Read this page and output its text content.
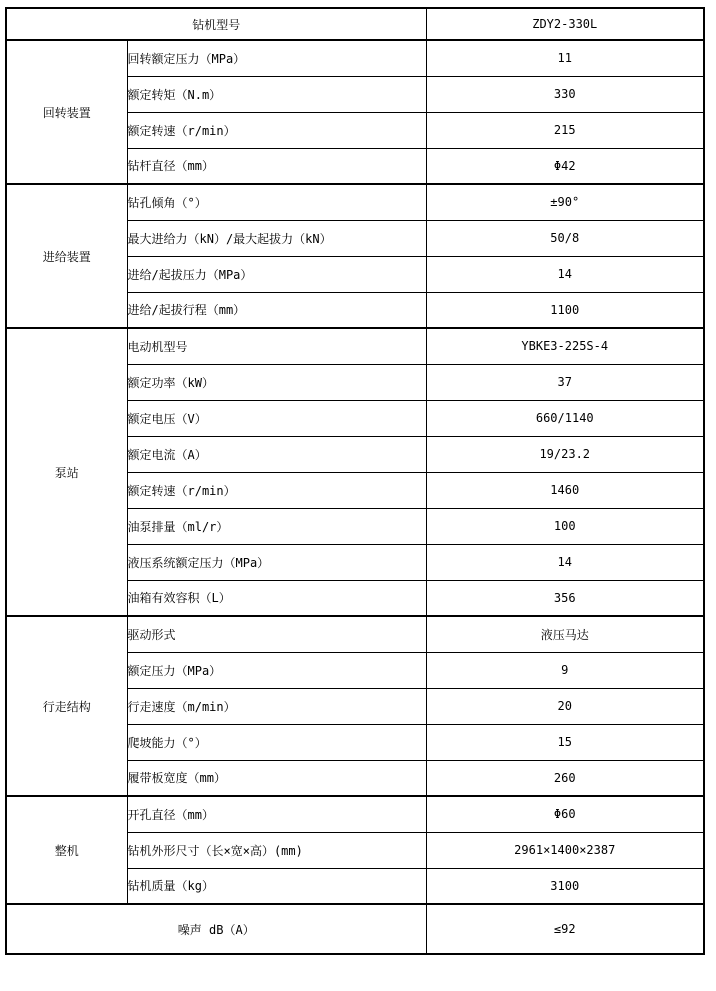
钻机型号		ZDY2-330L
回转装置	回转额定压力（MPa）	11
	额定转矩（N.m）	330
	额定转速（r/min）	215
	钻杆直径（mm）	Φ42
进给装置	钻孔倾角（°）	±90°
	最大进给力（kN）/最大起拔力（kN）	50/8
	进给/起拔压力（MPa）	14
	进给/起拔行程（mm）	1100
泵站	电动机型号	YBKE3-225S-4
	额定功率（kW）	37
	额定电压（V）	660/1140
	额定电流（A）	19/23.2
	额定转速（r/min）	1460
	油泵排量（ml/r）	100
	液压系统额定压力（MPa）	14
	油箱有效容积（L）	356
行走结构	驱动形式	液压马达
	额定压力（MPa）	9
	行走速度（m/min）	20
	爬坡能力（°）	15
	履带板宽度（mm）	260
整机	开孔直径（mm）	Φ60
	钻机外形尺寸（长×宽×高）(mm)	2961×1400×2387
	钻机质量（kg）	3100
噪声 dB（A）		≤92
